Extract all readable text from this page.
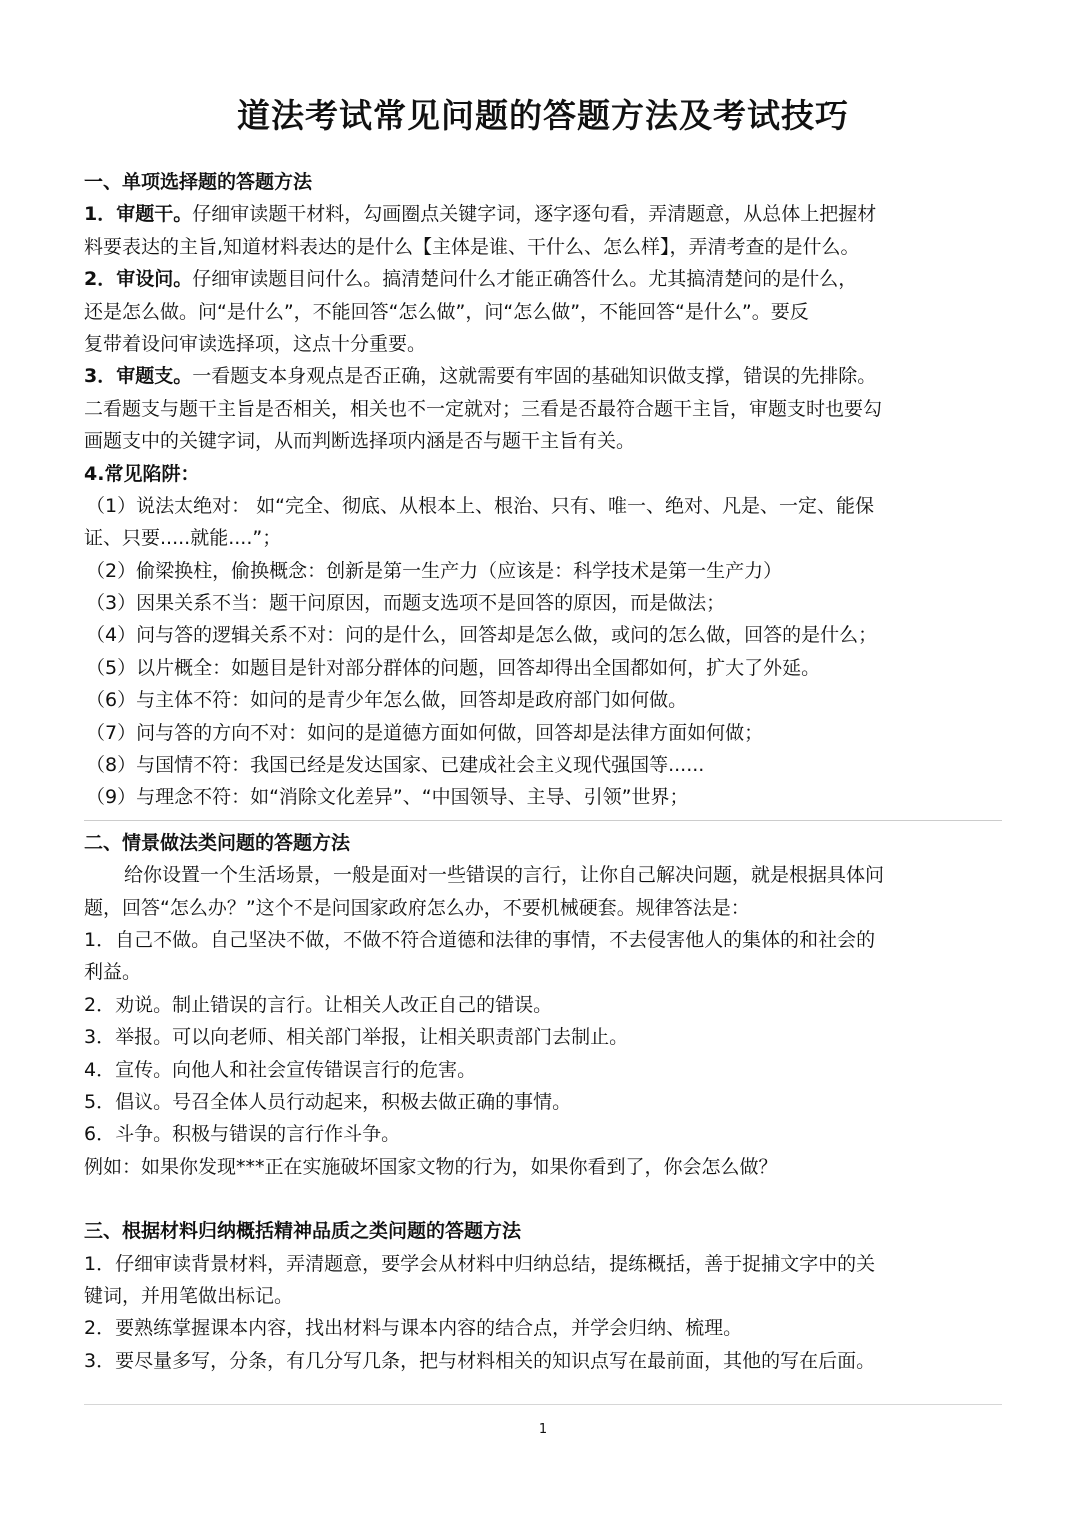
道法考试常见问题的答题方法及考试技巧

一、单项选择题的答题方法

1．审题干。仔细审读题干材料，勾画圈点关键字词，逐字逐句看，弄清题意，从总体上把握材

料要表达的主旨,知道材料表达的是什么【主体是谁、干什么、怎么样】，弄清考查的是什么。

2．审设问。仔细审读题目问什么。搞清楚问什么才能正确答什么。尤其搞清楚问的是什么，

还是怎么做。问“是什么”，不能回答“怎么做”，问“怎么做”，不能回答“是什么”。要反

复带着设问审读选择项，这点十分重要。

3．审题支。一看题支本身观点是否正确，这就需要有牢固的基础知识做支撑，错误的先排除。

二看题支与题干主旨是否相关，相关也不一定就对；三看是否最符合题干主旨，审题支时也要勾

画题支中的关键字词，从而判断选择项内涵是否与题干主旨有关。

4.常见陷阱：

（1）说法太绝对： 如“完全、彻底、从根本上、根治、只有、唯一、绝对、凡是、一定、能保

证、只要.....就能....”；

（2）偷梁换柱，偷换概念：创新是第一生产力（应该是：科学技术是第一生产力）

（3）因果关系不当：题干问原因，而题支选项不是回答的原因，而是做法；

（4）问与答的逻辑关系不对：问的是什么，回答却是怎么做，或问的怎么做，回答的是什么；

（5）以片概全：如题目是针对部分群体的问题，回答却得出全国都如何，扩大了外延。

（6）与主体不符：如问的是青少年怎么做，回答却是政府部门如何做。

（7）问与答的方向不对：如问的是道德方面如何做，回答却是法律方面如何做；

（8）与国情不符：我国已经是发达国家、已建成社会主义现代强国等......

（9）与理念不符：如“消除文化差异”、“中国领导、主导、引领”世界；

二、情景做法类问题的答题方法

给你设置一个生活场景，一般是面对一些错误的言行，让你自己解决问题，就是根据具体问

题，回答“怎么办？”这个不是问国家政府怎么办，不要机械硬套。规律答法是：

1．自己不做。自己坚决不做，不做不符合道德和法律的事情，不去侵害他人的集体的和社会的

利益。

2．劝说。制止错误的言行。让相关人改正自己的错误。

3．举报。可以向老师、相关部门举报，让相关职责部门去制止。

4．宣传。向他人和社会宣传错误言行的危害。

5．倡议。号召全体人员行动起来，积极去做正确的事情。

6．斗争。积极与错误的言行作斗争。

例如：如果你发现***正在实施破坏国家文物的行为，如果你看到了，你会怎么做？

三、根据材料归纳概括精神品质之类问题的答题方法

1．仔细审读背景材料，弄清题意，要学会从材料中归纳总结，提练概括，善于捉捕文字中的关

键词，并用笔做出标记。

2．要熟练掌握课本内容，找出材料与课本内容的结合点，并学会归纳、梳理。

3．要尽量多写，分条，有几分写几条，把与材料相关的知识点写在最前面，其他的写在后面。

1
